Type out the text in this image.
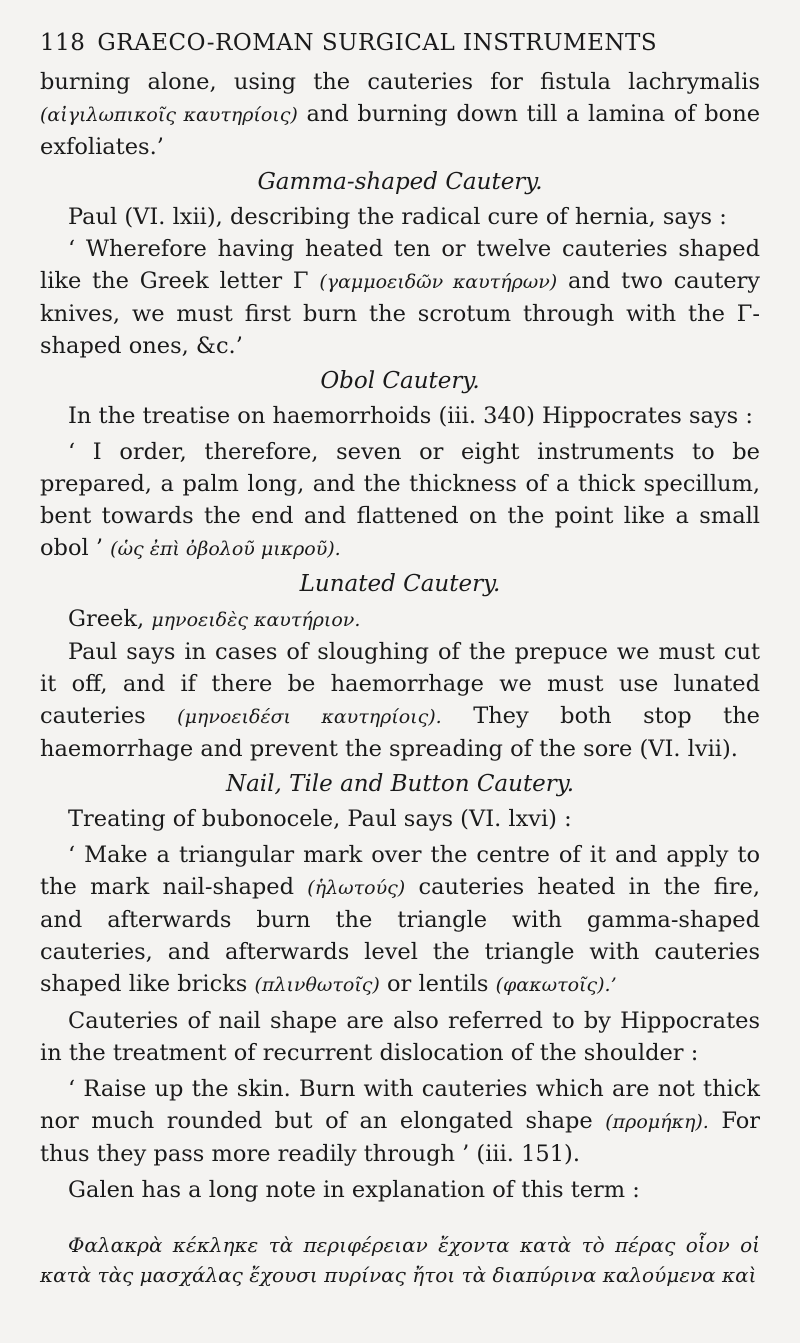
118 GRAECO-ROMAN SURGICAL INSTRUMENTS

burning alone, using the cauteries for fistula lachrymalis (αἰγιλωπικοῖς καυτηρίοις) and burning down till a lamina of bone exfoliates.’

Gamma-shaped Cautery.

Paul (VI. lxii), describing the radical cure of hernia, says :

‘ Wherefore having heated ten or twelve cauteries shaped like the Greek letter Γ (γαμμοειδῶν καυτήρων) and two cautery knives, we must first burn the scrotum through with the Γ-shaped ones, &c.’

Obol Cautery.

In the treatise on haemorrhoids (iii. 340) Hippocrates says :

‘ I order, therefore, seven or eight instruments to be prepared, a palm long, and the thickness of a thick specillum, bent towards the end and flattened on the point like a small obol ’ (ὡς ἐπὶ ὀβολοῦ μικροῦ).

Lunated Cautery.

Greek, μηνοειδὲς καυτήριον.

Paul says in cases of sloughing of the prepuce we must cut it off, and if there be haemorrhage we must use lunated cauteries (μηνοειδέσι καυτηρίοις). They both stop the haemorrhage and prevent the spreading of the sore (VI. lvii).

Nail, Tile and Button Cautery.

Treating of bubonocele, Paul says (VI. lxvi) :

‘ Make a triangular mark over the centre of it and apply to the mark nail-shaped (ἡλωτούς) cauteries heated in the fire, and afterwards burn the triangle with gamma-shaped cauteries, and afterwards level the triangle with cauteries shaped like bricks (πλινθωτοῖς) or lentils (φακωτοῖς).’

Cauteries of nail shape are also referred to by Hippocrates in the treatment of recurrent dislocation of the shoulder :

‘ Raise up the skin. Burn with cauteries which are not thick nor much rounded but of an elongated shape (προμήκη). For thus they pass more readily through ’ (iii. 151).

Galen has a long note in explanation of this term :

Φαλακρὰ κέκληκε τὰ περιφέρειαν ἔχοντα κατὰ τὸ πέρας οἷον οἱ κατὰ τὰς μασχάλας ἔχουσι πυρίνας ἤτοι τὰ διαπύρινα καλούμενα καὶ
